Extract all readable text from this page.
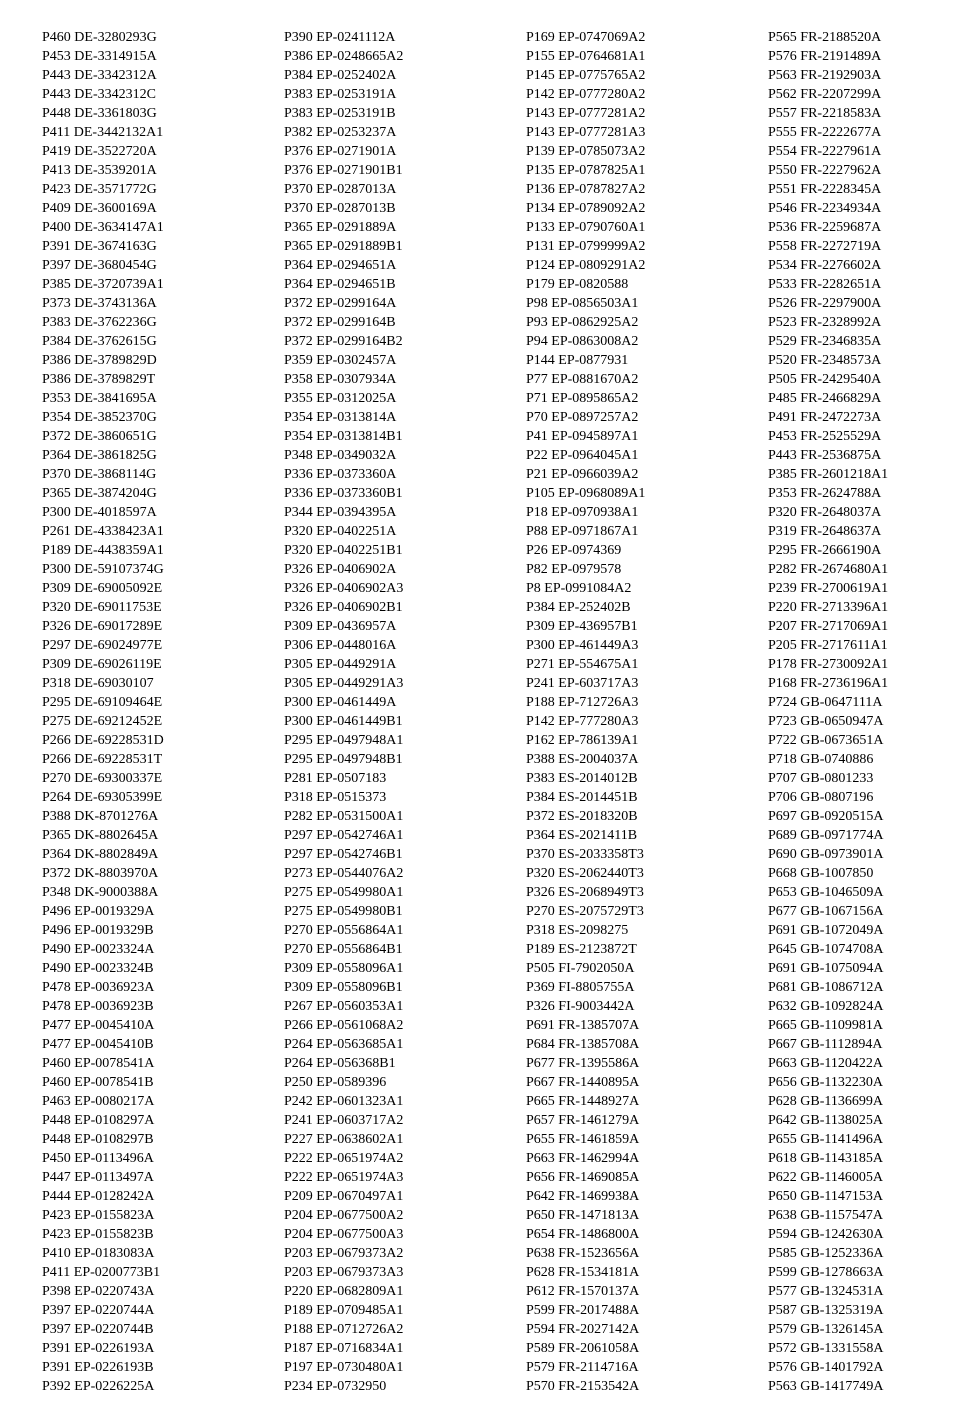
P460 DE-3280293G
P453 DE-3314915A
P443 DE-3342312A
P443 DE-3342312C
P448 DE-3361803G
P411 DE-3442132A1
P419 DE-3522720A
P413 DE-3539201A
P423 DE-3571772G
P409 DE-3600169A
P400 DE-3634147A1
P391 DE-3674163G
P397 DE-3680454G
P385 DE-3720739A1
P373 DE-3743136A
P383 DE-3762236G
P384 DE-3762615G
P386 DE-3789829D
P386 DE-3789829T
P353 DE-3841695A
P354 DE-3852370G
P372 DE-3860651G
P364 DE-3861825G
P370 DE-3868114G
P365 DE-3874204G
P300 DE-4018597A
P261 DE-4338423A1
P189 DE-4438359A1
P300 DE-59107374G
P309 DE-69005092E
P320 DE-69011753E
P326 DE-69017289E
P297 DE-69024977E
P309 DE-69026119E
P318 DE-69030107
P295 DE-69109464E
P275 DE-69212452E
P266 DE-69228531D
P266 DE-69228531T
P270 DE-69300337E
P264 DE-69305399E
P388 DK-8701276A
P365 DK-8802645A
P364 DK-8802849A
P372 DK-8803970A
P348 DK-9000388A
P496 EP-0019329A
P496 EP-0019329B
P490 EP-0023324A
P490 EP-0023324B
P478 EP-0036923A
P478 EP-0036923B
P477 EP-0045410A
P477 EP-0045410B
P460 EP-0078541A
P460 EP-0078541B
P463 EP-0080217A
P448 EP-0108297A
P448 EP-0108297B
P450 EP-0113496A
P447 EP-0113497A
P444 EP-0128242A
P423 EP-0155823A
P423 EP-0155823B
P410 EP-0183083A
P411 EP-0200773B1
P398 EP-0220743A
P397 EP-0220744A
P397 EP-0220744B
P391 EP-0226193A
P391 EP-0226193B
P392 EP-0226225A
P390 EP-0241112A
P386 EP-0248665A2
P384 EP-0252402A
P383 EP-0253191A
P383 EP-0253191B
P382 EP-0253237A
P376 EP-0271901A
P376 EP-0271901B1
P370 EP-0287013A
P370 EP-0287013B
P365 EP-0291889A
P365 EP-0291889B1
P364 EP-0294651A
P364 EP-0294651B
P372 EP-0299164A
P372 EP-0299164B
P372 EP-0299164B2
P359 EP-0302457A
P358 EP-0307934A
P355 EP-0312025A
P354 EP-0313814A
P354 EP-0313814B1
P348 EP-0349032A
P336 EP-0373360A
P336 EP-0373360B1
P344 EP-0394395A
P320 EP-0402251A
P320 EP-0402251B1
P326 EP-0406902A
P326 EP-0406902A3
P326 EP-0406902B1
P309 EP-0436957A
P306 EP-0448016A
P305 EP-0449291A
P305 EP-0449291A3
P300 EP-0461449A
P300 EP-0461449B1
P295 EP-0497948A1
P295 EP-0497948B1
P281 EP-0507183
P318 EP-0515373
P282 EP-0531500A1
P297 EP-0542746A1
P297 EP-0542746B1
P273 EP-0544076A2
P275 EP-0549980A1
P275 EP-0549980B1
P270 EP-0556864A1
P270 EP-0556864B1
P309 EP-0558096A1
P309 EP-0558096B1
P267 EP-0560353A1
P266 EP-0561068A2
P264 EP-0563685A1
P264 EP-056368B1
P250 EP-0589396
P242 EP-0601323A1
P241 EP-0603717A2
P227 EP-0638602A1
P222 EP-0651974A2
P222 EP-0651974A3
P209 EP-0670497A1
P204 EP-0677500A2
P204 EP-0677500A3
P203 EP-0679373A2
P203 EP-0679373A3
P220 EP-0682809A1
P189 EP-0709485A1
P188 EP-0712726A2
P187 EP-0716834A1
P197 EP-0730480A1
P234 EP-0732950
P169 EP-0747069A2
P155 EP-0764681A1
P145 EP-0775765A2
P142 EP-0777280A2
P143 EP-0777281A2
P143 EP-0777281A3
P139 EP-0785073A2
P135 EP-0787825A1
P136 EP-0787827A2
P134 EP-0789092A2
P133 EP-0790760A1
P131 EP-0799999A2
P124 EP-0809291A2
P179 EP-0820588
P98 EP-0856503A1
P93 EP-0862925A2
P94 EP-0863008A2
P144 EP-0877931
P77 EP-0881670A2
P71 EP-0895865A2
P70 EP-0897257A2
P41 EP-0945897A1
P22 EP-0964045A1
P21 EP-0966039A2
P105 EP-0968089A1
P18 EP-0970938A1
P88 EP-0971867A1
P26 EP-0974369
P82 EP-0979578
P8 EP-0991084A2
P384 EP-252402B
P309 EP-436957B1
P300 EP-461449A3
P271 EP-554675A1
P241 EP-603717A3
P188 EP-712726A3
P142 EP-777280A3
P162 EP-786139A1
P388 ES-2004037A
P383 ES-2014012B
P384 ES-2014451B
P372 ES-2018320B
P364 ES-2021411B
P370 ES-2033358T3
P320 ES-2062440T3
P326 ES-2068949T3
P270 ES-2075729T3
P318 ES-2098275
P189 ES-2123872T
P505 FI-7902050A
P369 FI-8805755A
P326 FI-9003442A
P691 FR-1385707A
P684 FR-1385708A
P677 FR-1395586A
P667 FR-1440895A
P665 FR-1448927A
P657 FR-1461279A
P655 FR-1461859A
P663 FR-1462994A
P656 FR-1469085A
P642 FR-1469938A
P650 FR-1471813A
P654 FR-1486800A
P638 FR-1523656A
P628 FR-1534181A
P612 FR-1570137A
P599 FR-2017488A
P594 FR-2027142A
P589 FR-2061058A
P579 FR-2114716A
P570 FR-2153542A
P565 FR-2188520A
P576 FR-2191489A
P563 FR-2192903A
P562 FR-2207299A
P557 FR-2218583A
P555 FR-2222677A
P554 FR-2227961A
P550 FR-2227962A
P551 FR-2228345A
P546 FR-2234934A
P536 FR-2259687A
P558 FR-2272719A
P534 FR-2276602A
P533 FR-2282651A
P526 FR-2297900A
P523 FR-2328992A
P529 FR-2346835A
P520 FR-2348573A
P505 FR-2429540A
P485 FR-2466829A
P491 FR-2472273A
P453 FR-2525529A
P443 FR-2536875A
P385 FR-2601218A1
P353 FR-2624788A
P320 FR-2648037A
P319 FR-2648637A
P295 FR-2666190A
P282 FR-2674680A1
P239 FR-2700619A1
P220 FR-2713396A1
P207 FR-2717069A1
P205 FR-2717611A1
P178 FR-2730092A1
P168 FR-2736196A1
P724 GB-0647111A
P723 GB-0650947A
P722 GB-0673651A
P718 GB-0740886
P707 GB-0801233
P706 GB-0807196
P697 GB-0920515A
P689 GB-0971774A
P690 GB-0973901A
P668 GB-1007850
P653 GB-1046509A
P677 GB-1067156A
P691 GB-1072049A
P645 GB-1074708A
P691 GB-1075094A
P681 GB-1086712A
P632 GB-1092824A
P665 GB-1109981A
P667 GB-1112894A
P663 GB-1120422A
P656 GB-1132230A
P628 GB-1136699A
P642 GB-1138025A
P655 GB-1141496A
P618 GB-1143185A
P622 GB-1146005A
P650 GB-1147153A
P638 GB-1157547A
P594 GB-1242630A
P585 GB-1252336A
P599 GB-1278663A
P577 GB-1324531A
P587 GB-1325319A
P579 GB-1326145A
P572 GB-1331558A
P576 GB-1401792A
P563 GB-1417749A
